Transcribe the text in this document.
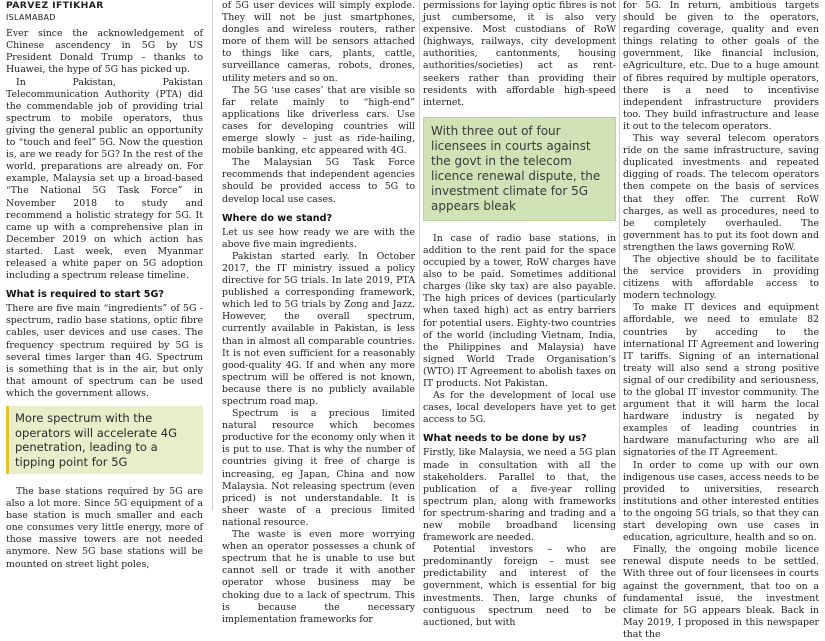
PARVEZ IFTIKHAR
ISLAMABAD

Ever since the acknowledgement of Chinese ascendency in 5G by US President Donald Trump – thanks to Huawei, the hype of 5G has picked up.

In Pakistan, Pakistan Telecommunication Authority (PTA) did the commendable job of providing trial spectrum to mobile operators, thus giving the general public an opportunity to “touch and feel” 5G. Now the question is, are we ready for 5G? In the rest of the world, preparations are already on. For example, Malaysia set up a broad-based “The National 5G Task Force” in November 2018 to study and recommend a holistic strategy for 5G. It came up with a comprehensive plan in December 2019 on which action has started. Last week, even Myanmar released a white paper on 5G adoption including a spectrum release timeline.

What is required to start 5G?

There are five main “ingredients” of 5G - spectrum, radio base stations, optic fibre cables, user devices and use cases. The frequency spectrum required by 5G is several times larger than 4G. Spectrum is something that is in the air, but only that amount of spectrum can be used which the government allows.

More spectrum with the operators will accelerate 4G penetration, leading to a tipping point for 5G

The base stations required by 5G are also a lot more. Since 5G equipment of a base station is much smaller and each one consumes very little energy, more of those massive towers are not needed anymore. New 5G base stations will be mounted on street light poles,

of 5G user devices will simply explode. They will not be just smartphones, dongles and wireless routers, rather more of them will be sensors attached to things like cars, plants, cattle, surveillance cameras, robots, drones, utility meters and so on.

The 5G ‘use cases’ that are visible so far relate mainly to “high-end” applications like driverless cars. Use cases for developing countries will emerge slowly – just as ride-hailing, mobile banking, etc appeared with 4G.

The Malaysian 5G Task Force recommends that independent agencies should be provided access to 5G to develop local use cases.

Where do we stand?

Let us see how ready we are with the above five main ingredients.

Pakistan started early. In October 2017, the IT ministry issued a policy directive for 5G trials. In late 2019, PTA published a corresponding framework, which led to 5G trials by Zong and Jazz. However, the overall spectrum, currently available in Pakistan, is less than in almost all comparable countries. It is not even sufficient for a reasonably good-quality 4G. If and when any more spectrum will be offered is not known, because there is no publicly available spectrum road map.

Spectrum is a precious limited natural resource which becomes productive for the economy only when it is put to use. That is why the number of countries giving it free of charge is increasing, eg Japan, China and now Malaysia. Not releasing spectrum (even priced) is not understandable. It is sheer waste of a precious limited national resource.

The waste is even more worrying when an operator possesses a chunk of spectrum that he is unable to use but cannot sell or trade it with another operator whose business may be choking due to a lack of spectrum. This is because the necessary implementation frameworks for

permissions for laying optic fibres is not just cumbersome, it is also very expensive. Most custodians of RoW (highways, railways, city development authorities, cantonments, housing authorities/societies) act as rent-seekers rather than providing their residents with affordable high-speed internet.

With three out of four licensees in courts against the govt in the telecom licence renewal dispute, the investment climate for 5G appears bleak

In case of radio base stations, in addition to the rent paid for the space occupied by a tower, RoW charges have also to be paid. Sometimes additional charges (like sky tax) are also payable. The high prices of devices (particularly when taxed high) act as entry barriers for potential users. Eighty-two countries of the world (including Vietnam, India, the Philippines and Malaysia) have signed World Trade Organisation’s (WTO) IT Agreement to abolish taxes on IT products. Not Pakistan.

As for the development of local use cases, local developers have yet to get access to 5G.

What needs to be done by us?

Firstly, like Malaysia, we need a 5G plan made in consultation with all the stakeholders. Parallel to that, the publication of a five-year rolling spectrum plan, along with frameworks for spectrum-sharing and trading and a new mobile broadband licensing framework are needed.

Potential investors – who are predominantly foreign – must see predictability and interest of the government, which is essential for big investments. Then, large chunks of contiguous spectrum need to be auctioned, but with

for 5G. In return, ambitious targets should be given to the operators, regarding coverage, quality and even things relating to other goals of the government, like financial inclusion, eAgriculture, etc. Due to a huge amount of fibres required by multiple operators, there is a need to incentivise independent infrastructure providers too. They build infrastructure and lease it out to the telecom operators.

This way several telecom operators ride on the same infrastructure, saving duplicated investments and repeated digging of roads. The telecom operators then compete on the basis of services that they offer. The current RoW charges, as well as procedures, need to be completely overhauled. The government has to put its foot down and strengthen the laws governing RoW.

The objective should be to facilitate the service providers in providing citizens with affordable access to modern technology.

To make IT devices and equipment affordable, we need to emulate 82 countries by acceding to the international IT Agreement and lowering IT tariffs. Signing of an international treaty will also send a strong positive signal of our credibility and seriousness, to the global IT investor community. The argument that it will harm the local hardware industry is negated by examples of leading countries in hardware manufacturing who are all signatories of the IT Agreement.

In order to come up with our own indigenous use cases, access needs to be provided to universities, research institutions and other interested entities to the ongoing 5G trials, so that they can start developing own use cases in education, agriculture, health and so on.

Finally, the ongoing mobile licence renewal dispute needs to be settled. With three out of four licensees in courts against the government, that too on a fundamental issue, the investment climate for 5G appears bleak. Back in May 2019, I proposed in this newspaper that the
